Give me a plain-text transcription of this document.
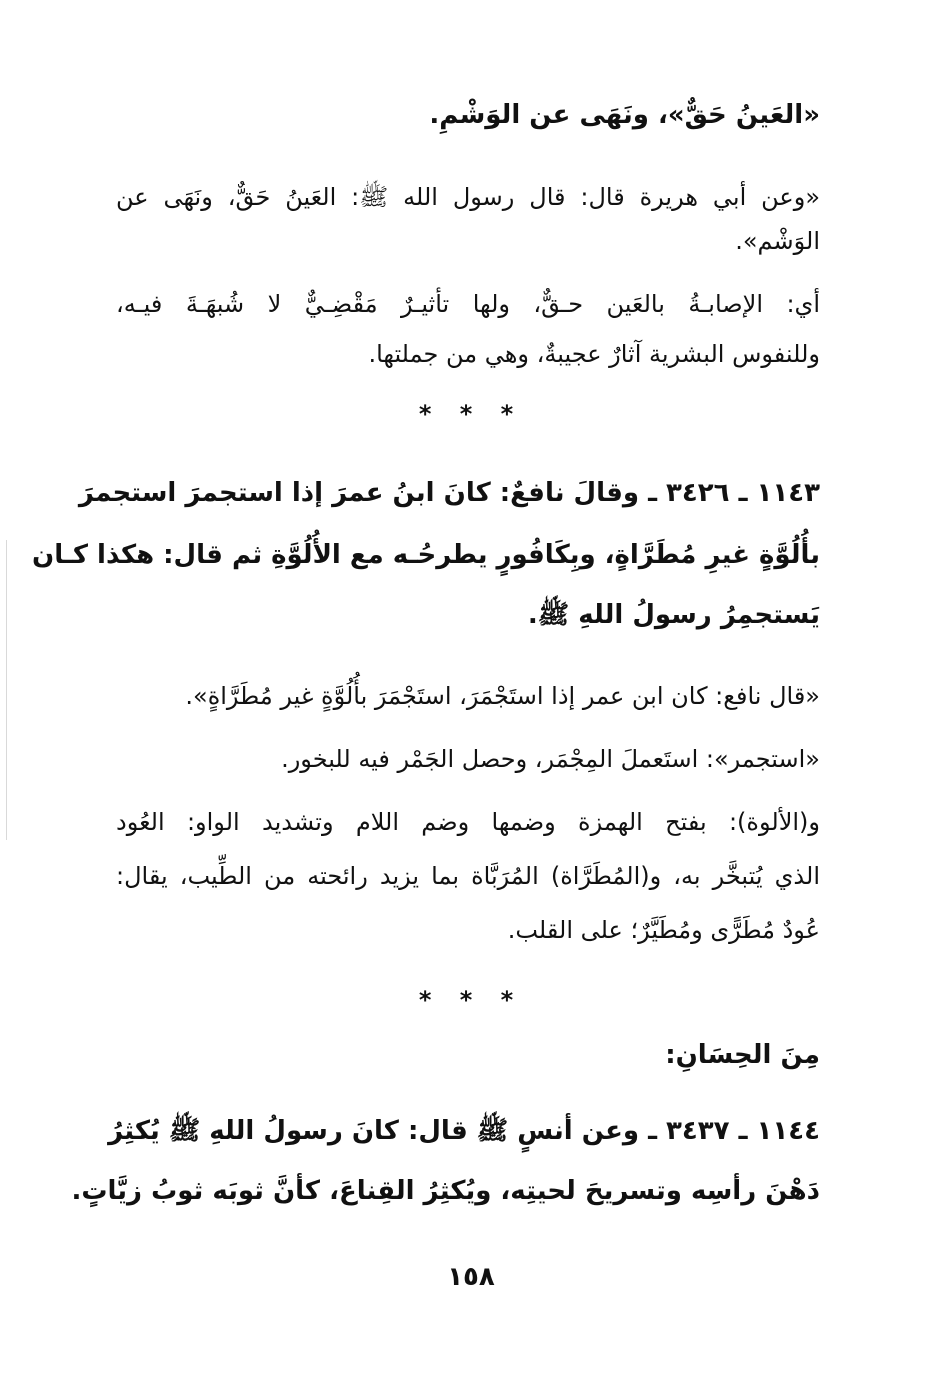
«العَينُ حَقٌّ»، ونَهَى عن الوَشْمِ.
«وعن أبي هريرة قال: قال رسول الله ﷺ: العَينُ حَقٌّ، ونَهَى عن
الوَشْم».
أي: الإصابـةُ بالعَين حـقٌّ، ولها تأثيـرٌ مَقْضِـيٌّ لا شُبهَـةَ فيـه،
وللنفوس البشرية آثارٌ عجيبةٌ، وهي من جملتها.
* * *
١١٤٣ ـ ٣٤٢٦ ـ وقالَ نافعٌ: كانَ ابنُ عمرَ إذا استجمرَ استجمرَ
بأُلُوَّةٍ غيرِ مُطَرَّاةٍ، وبِكَافُورٍ يطرحُـه مع الأُلُوَّةِ ثم قال: هكذا كـان
يَستجمِرُ رسولُ اللهِ ﷺ.
«قال نافع: كان ابن عمر إذا استَجْمَرَ، استَجْمَرَ بأُلُوَّةٍ غير مُطَرَّاةٍ».
«استجمر»: استَعملَ المِجْمَر، وحصل الجَمْر فيه للبخور.
و(الألوة): بفتح الهمزة وضمها وضم اللام وتشديد الواو: العُود
الذي يُتبخَّر به، و(المُطَرَّاة) المُرَبَّاة بما يزيد رائحته من الطِّيب، يقال:
عُودٌ مُطَرًّى ومُطَيَّرٌ؛ على القلب.
* * *
مِنَ الحِسَانِ:
١١٤٤ ـ ٣٤٣٧ ـ وعن أنسٍ ﷺ قال: كانَ رسولُ اللهِ ﷺ يُكثِرُ
دَهْنَ رأسِه وتسريحَ لحيتِه، ويُكثِرُ القِناعَ، كأنَّ ثوبَه ثوبُ زيَّاتٍ.
١٥٨
